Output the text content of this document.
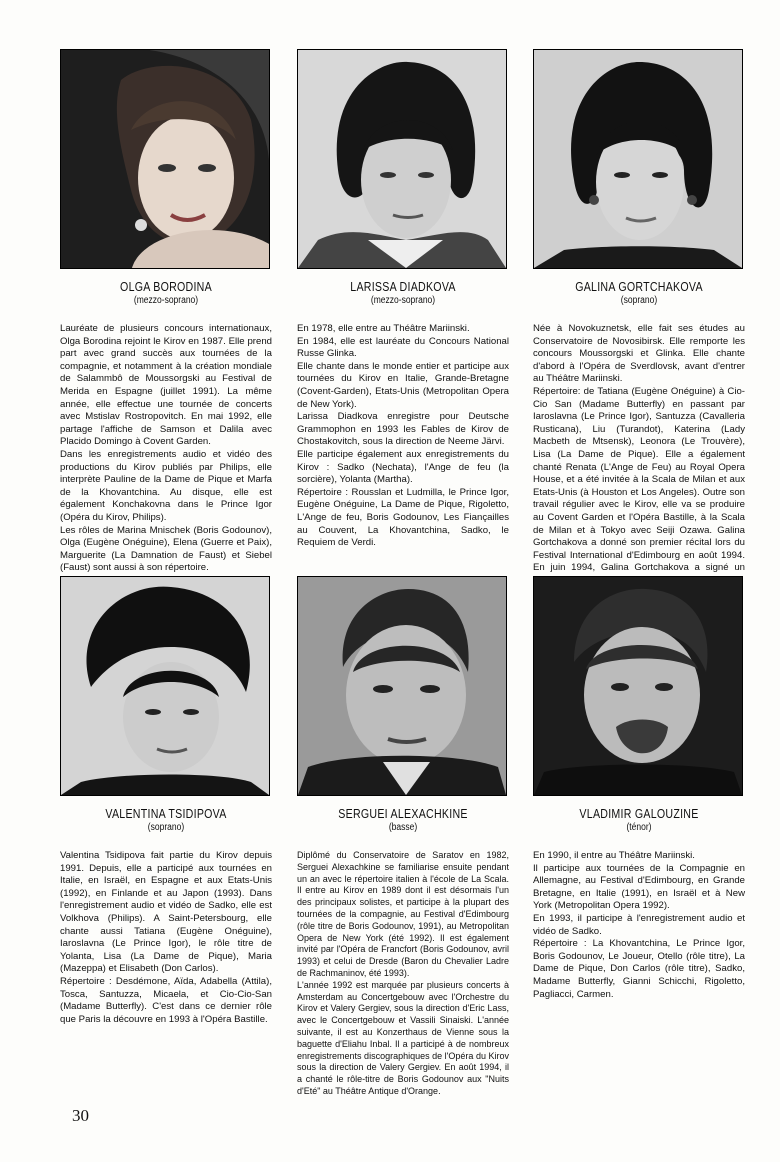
OLGA BORODINA
(mezzo-soprano)

Lauréate de plusieurs concours internationaux, Olga Borodina rejoint le Kirov en 1987. Elle prend part avec grand succès aux tournées de la compagnie, et notamment à la création mondiale de Salammbô de Moussorgski au Festival de Merida en Espagne (juillet 1991). La même année, elle effectue une tournée de concerts avec Mstislav Rostropovitch. En mai 1992, elle partage l'affiche de Samson et Dalila avec Placido Domingo à Covent Garden.

Dans les enregistrements audio et vidéo des productions du Kirov publiés par Philips, elle interprète Pauline de la Dame de Pique et Marfa de la Khovantchina. Au disque, elle est également Konchakovna dans le Prince Igor (Opéra du Kirov, Philips).

Les rôles de Marina Mnischek (Boris Godounov), Olga (Eugène Onéguine), Elena (Guerre et Paix), Marguerite (La Damnation de Faust) et Siebel (Faust) sont aussi à son répertoire.

LARISSA DIADKOVA
(mezzo-soprano)

En 1978, elle entre au Théâtre Mariinski.

En 1984, elle est lauréate du Concours National Russe Glinka.

Elle chante dans le monde entier et participe aux tournées du Kirov en Italie, Grande-Bretagne (Covent-Garden), Etats-Unis (Metropolitan Opera de New York).

Larissa Diadkova enregistre pour Deutsche Grammophon en 1993 les Fables de Kirov de Chostakovitch, sous la direction de Neeme Järvi.

Elle participe également aux enregistrements du Kirov : Sadko (Nechata), l'Ange de feu (la sorcière), Yolanta (Martha).

Répertoire : Rousslan et Ludmilla, le Prince Igor, Eugène Onéguine, La Dame de Pique, Rigoletto, L'Ange de feu, Boris Godounov, Les Fiançailles au Couvent, La Khovantchina, Sadko, le Requiem de Verdi.

GALINA GORTCHAKOVA
(soprano)

Née à Novokuznetsk, elle fait ses études au Conservatoire de Novosibirsk. Elle remporte les concours Moussorgski et Glinka. Elle chante d'abord à l'Opéra de Sverdlovsk, avant d'entrer au Théâtre Mariinski.

Répertoire: de Tatiana (Eugène Onéguine) à Cio-Cio San (Madame Butterfly) en passant par Iaroslavna (Le Prince Igor), Santuzza (Cavalleria Rusticana), Liu (Turandot), Katerina (Lady Macbeth de Mtsensk), Leonora (Le Trouvère), Lisa (La Dame de Pique). Elle a également chanté Renata (L'Ange de Feu) au Royal Opera House, et a été invitée à la Scala de Milan et aux Etats-Unis (à Houston et Los Angeles). Outre son travail régulier avec le Kirov, elle va se produire au Covent Garden et l'Opéra Bastille, à la Scala de Milan et à Tokyo avec Seiji Ozawa. Galina Gortchakova a donné son premier récital lors du Festival International d'Edimbourg en août 1994. En juin 1994, Galina Gortchakova a signé un

VALENTINA TSIDIPOVA
(soprano)

Valentina Tsidipova fait partie du Kirov depuis 1991. Depuis, elle a participé aux tournées en Italie, en Israël, en Espagne et aux Etats-Unis (1992), en Finlande et au Japon (1993). Dans l'enregistrement audio et vidéo de Sadko, elle est Volkhova (Philips). A Saint-Petersbourg, elle chante aussi Tatiana (Eugène Onéguine), Iaroslavna (Le Prince Igor), le rôle titre de Yolanta, Lisa (La Dame de Pique), Maria (Mazeppa) et Elisabeth (Don Carlos).

Répertoire : Desdémone, Aïda, Adabella (Attila), Tosca, Santuzza, Micaela, et Cio-Cio-San (Madame Butterfly). C'est dans ce dernier rôle que Paris la découvre en 1993 à l'Opéra Bastille.

SERGUEI ALEXACHKINE
(basse)

Diplômé du Conservatoire de Saratov en 1982, Serguei Alexachkine se familiarise ensuite pendant un an avec le répertoire italien à l'école de La Scala. Il entre au Kirov en 1989 dont il est désormais l'un des principaux solistes, et participe à la plupart des tournées de la compagnie, au Festival d'Edimbourg (rôle titre de Boris Godounov, 1991), au Metropolitan Opera de New York (été 1992). Il est également invité par l'Opéra de Francfort (Boris Godounov, avril 1993) et celui de Dresde (Baron du Chevalier Ladre de Rachmaninov, été 1993).

L'année 1992 est marquée par plusieurs concerts à Amsterdam au Concertgebouw avec l'Orchestre du Kirov et Valery Gergiev, sous la direction d'Eric Lass, avec le Concertgebouw et Vassili Sinaiski. L'année suivante, il est au Konzerthaus de Vienne sous la baguette d'Eliahu Inbal. Il a participé à de nombreux enregistrements discographiques de l'Opéra du Kirov sous la direction de Valery Gergiev. En août 1994, il a chanté le rôle-titre de Boris Godounov aux "Nuits d'Eté" au Théâtre Antique d'Orange.

VLADIMIR GALOUZINE
(ténor)

En 1990, il entre au Théâtre Mariinski.

Il participe aux tournées de la Compagnie en Allemagne, au Festival d'Edimbourg, en Grande Bretagne, en Italie (1991), en Israël et à New York (Metropolitan Opera 1992).

En 1993, il participe à l'enregistrement audio et vidéo de Sadko.

Répertoire : La Khovantchina, Le Prince Igor, Boris Godounov, Le Joueur, Otello (rôle titre), La Dame de Pique, Don Carlos (rôle titre), Sadko, Madame Butterfly, Gianni Schicchi, Rigoletto, Pagliacci, Carmen.

30
